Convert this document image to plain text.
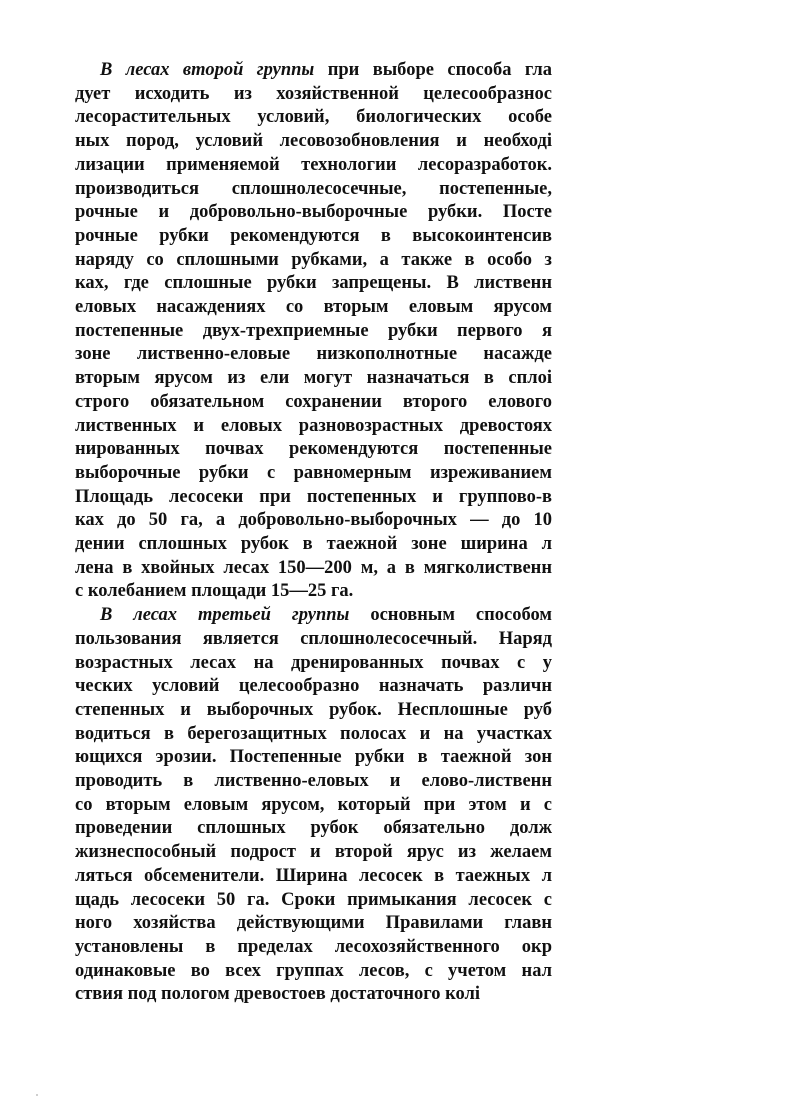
В лесах второй группы при выборе способа гла
дует исходить из хозяйственной целесообразнос
лесорастительных условий, биологических особе
ных пород, условий лесовозобновления и необході
лизации применяемой технологии лесоразработок.
производиться сплошнолесосечные, постепенные,
рочные и добровольно-выборочные рубки. Посте
рочные рубки рекомендуются в высокоинтенсив
наряду со сплошными рубками, а также в особо з
ках, где сплошные рубки запрещены. В лиственн
еловых насаждениях со вторым еловым ярусом
постепенные двух-трехприемные рубки первого я
зоне лиственно-еловые низкополнотные насажде
вторым ярусом из ели могут назначаться в сплоі
строго обязательном сохранении второго елового
лиственных и еловых разновозрастных древостоях
нированных почвах рекомендуются постепенные
выборочные рубки с равномерным изреживанием
Площадь лесосеки при постепенных и группово-в
ках до 50 га, а добровольно-выборочных — до 10
дении сплошных рубок в таежной зоне ширина л
лена в хвойных лесах 150—200 м, а в мягколиственн
с колебанием площади 15—25 га.
В лесах третьей группы основным способом
пользования является сплошнолесосечный. Наряд
возрастных лесах на дренированных почвах с у
ческих условий целесообразно назначать различн
степенных и выборочных рубок. Несплошные руб
водиться в берегозащитных полосах и на участках
ющихся эрозии. Постепенные рубки в таежной зон
проводить в лиственно-еловых и елово-лиственн
со вторым еловым ярусом, который при этом и с
проведении сплошных рубок обязательно долж
жизнеспособный подрост и второй ярус из желаем
ляться обсеменители. Ширина лесосек в таежных л
щадь лесосеки 50 га. Сроки примыкания лесосек с
ного хозяйства действующими Правилами главн
установлены в пределах лесохозяйственного окр
одинаковые во всех группах лесов, с учетом нал
ствия под пологом древостоев достаточного колі
